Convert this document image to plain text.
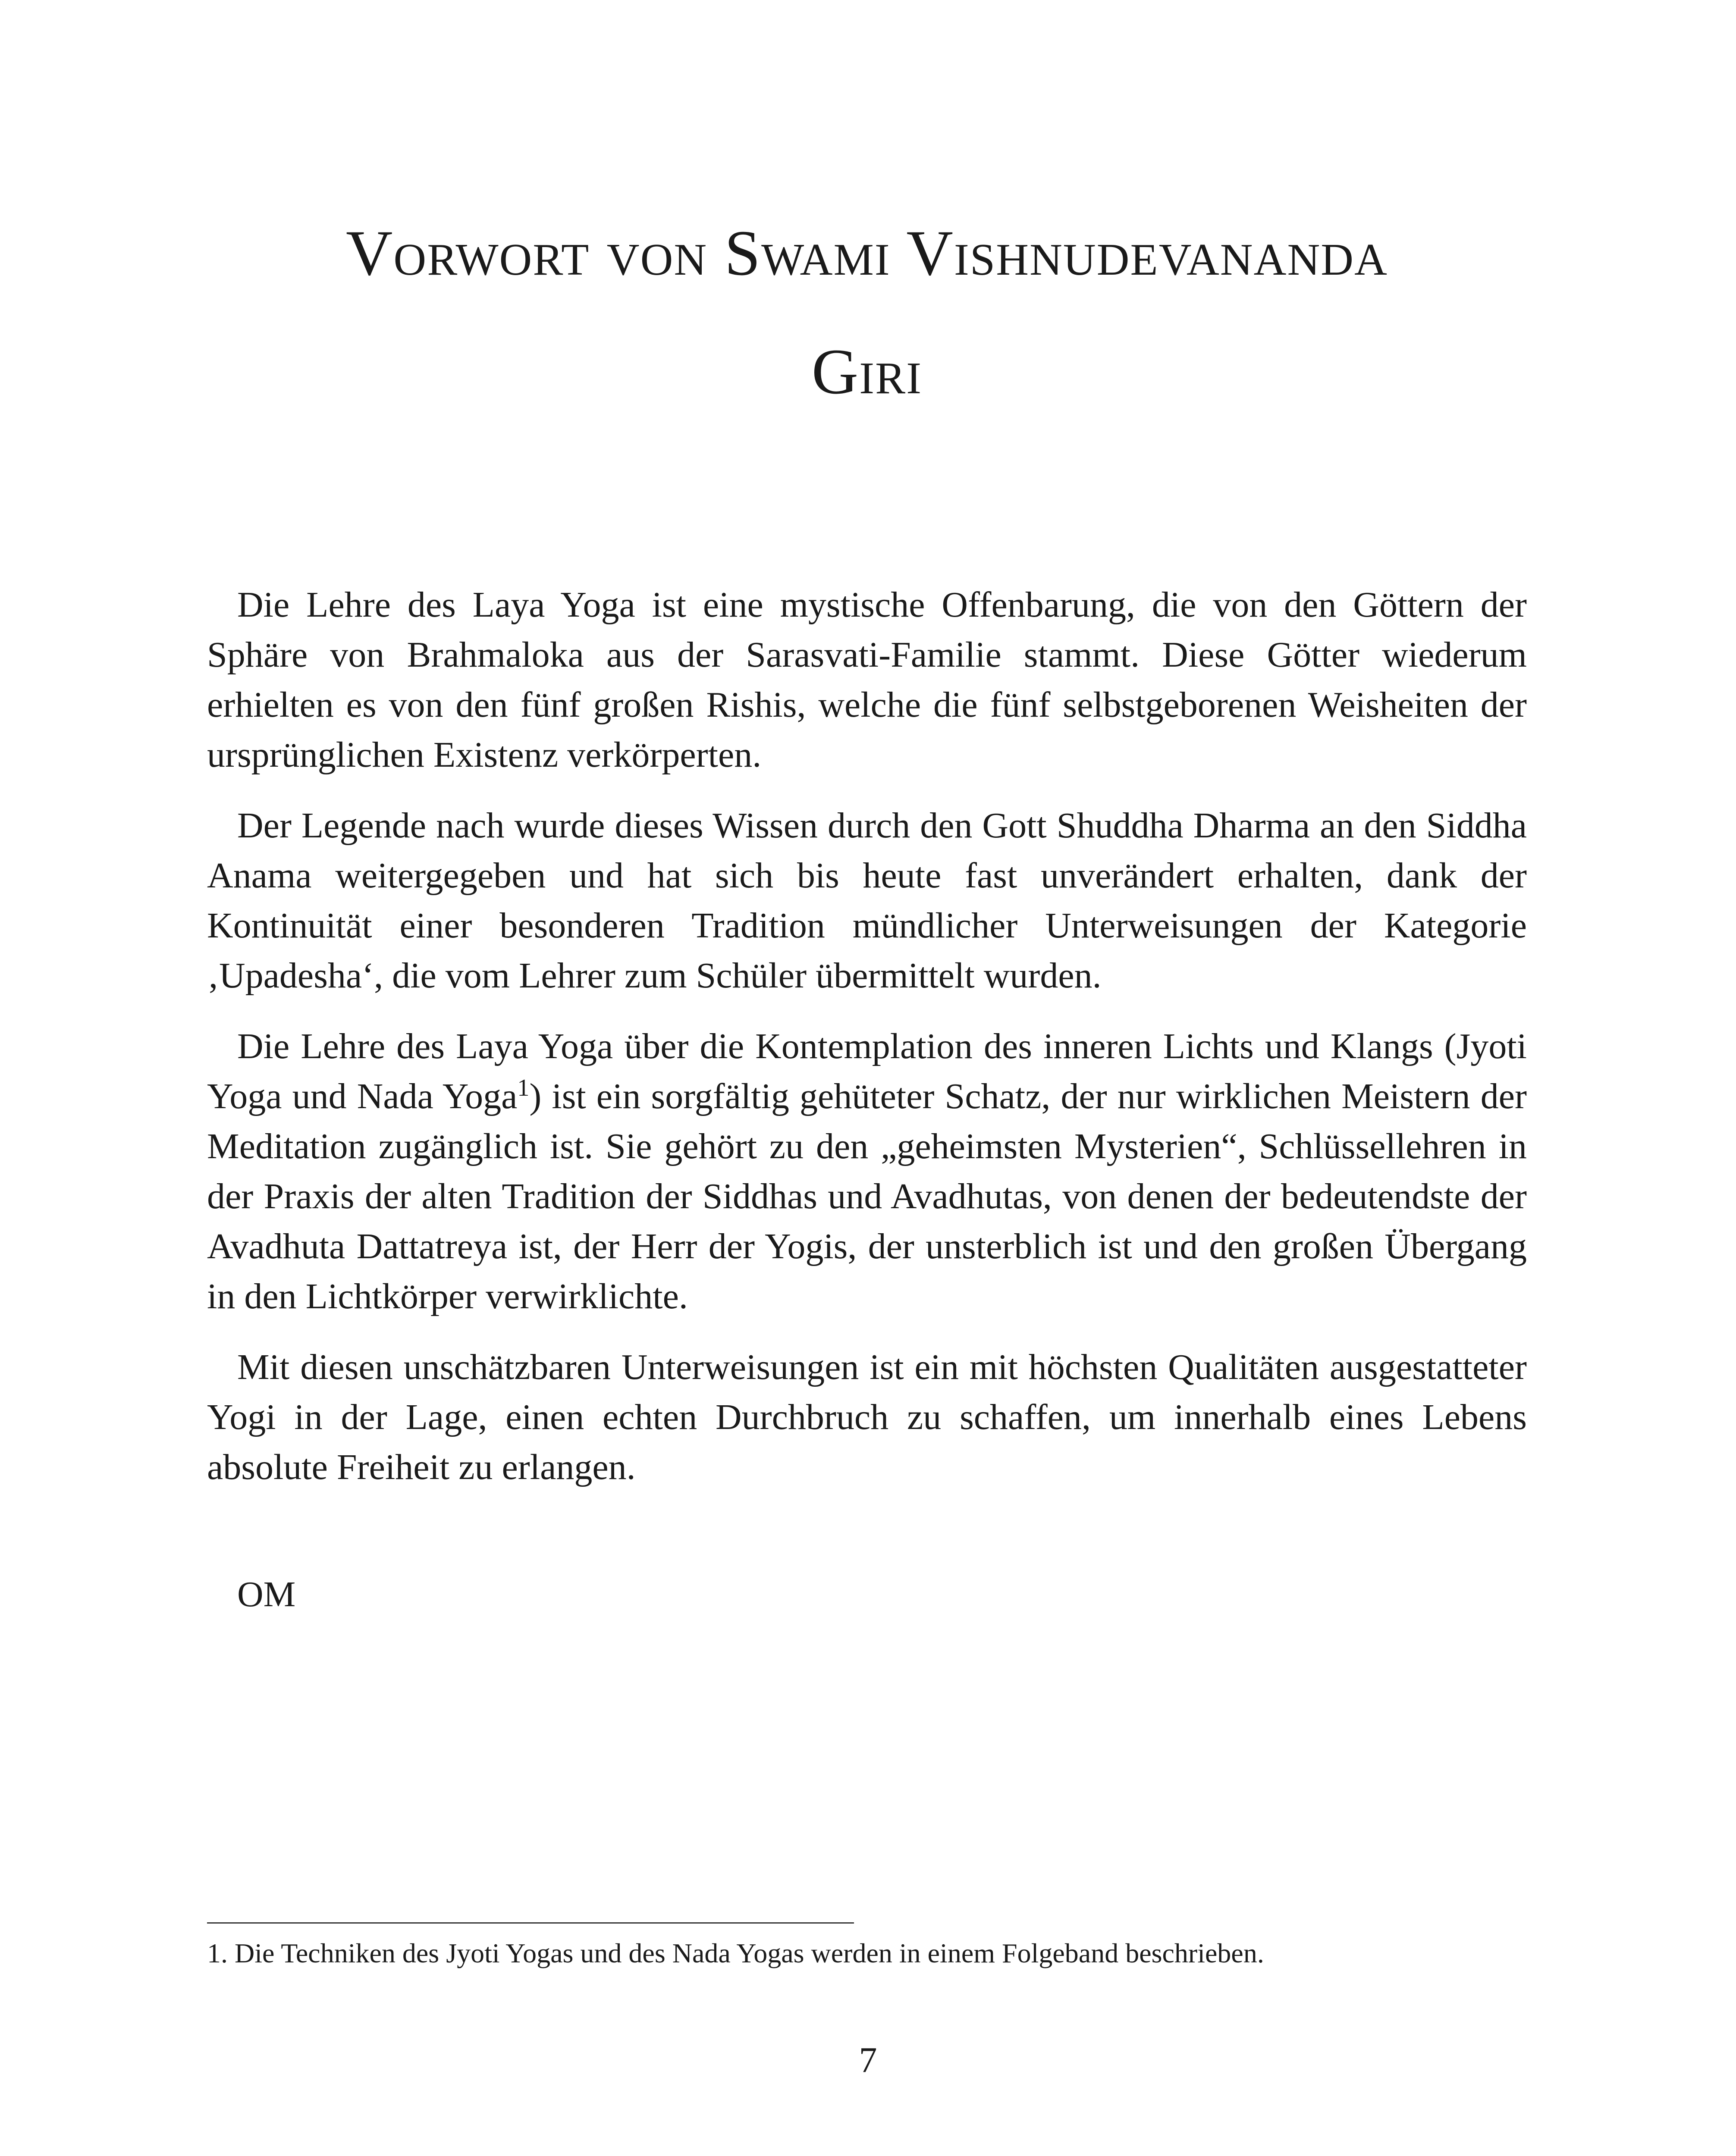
Vorwort von Swami Vishnudevananda
Giri

Die Lehre des Laya Yoga ist eine mystische Offenbarung, die von den Göttern der Sphäre von Brahmaloka aus der Sarasvati-Familie stammt. Diese Götter wiederum erhielten es von den fünf großen Rishis, welche die fünf selbstgeborenen Weisheiten der ursprünglichen Existenz verkörperten.

Der Legende nach wurde dieses Wissen durch den Gott Shuddha Dharma an den Siddha Anama weitergegeben und hat sich bis heute fast unverändert erhalten, dank der Kontinuität einer besonderen Tradition mündlicher Unterweisungen der Kategorie ‚Upadesha‘, die vom Lehrer zum Schüler übermittelt wurden.

Die Lehre des Laya Yoga über die Kontemplation des inneren Lichts und Klangs (Jyoti Yoga und Nada Yoga$^1$) ist ein sorgfältig gehüteter Schatz, der nur wirklichen Meistern der Meditation zugänglich ist. Sie gehört zu den „geheimsten Mysterien“, Schlüssellehren in der Praxis der alten Tradition der Siddhas und Avadhutas, von denen der bedeutendste der Avadhuta Dattatreya ist, der Herr der Yogis, der unsterblich ist und den großen Übergang in den Lichtkörper verwirklichte.

Mit diesen unschätzbaren Unterweisungen ist ein mit höchsten Qualitäten ausgestatteter Yogi in der Lage, einen echten Durchbruch zu schaffen, um innerhalb eines Lebens absolute Freiheit zu erlangen.

OM
1. Die Techniken des Jyoti Yogas und des Nada Yogas werden in einem Folgeband beschrieben.
7
